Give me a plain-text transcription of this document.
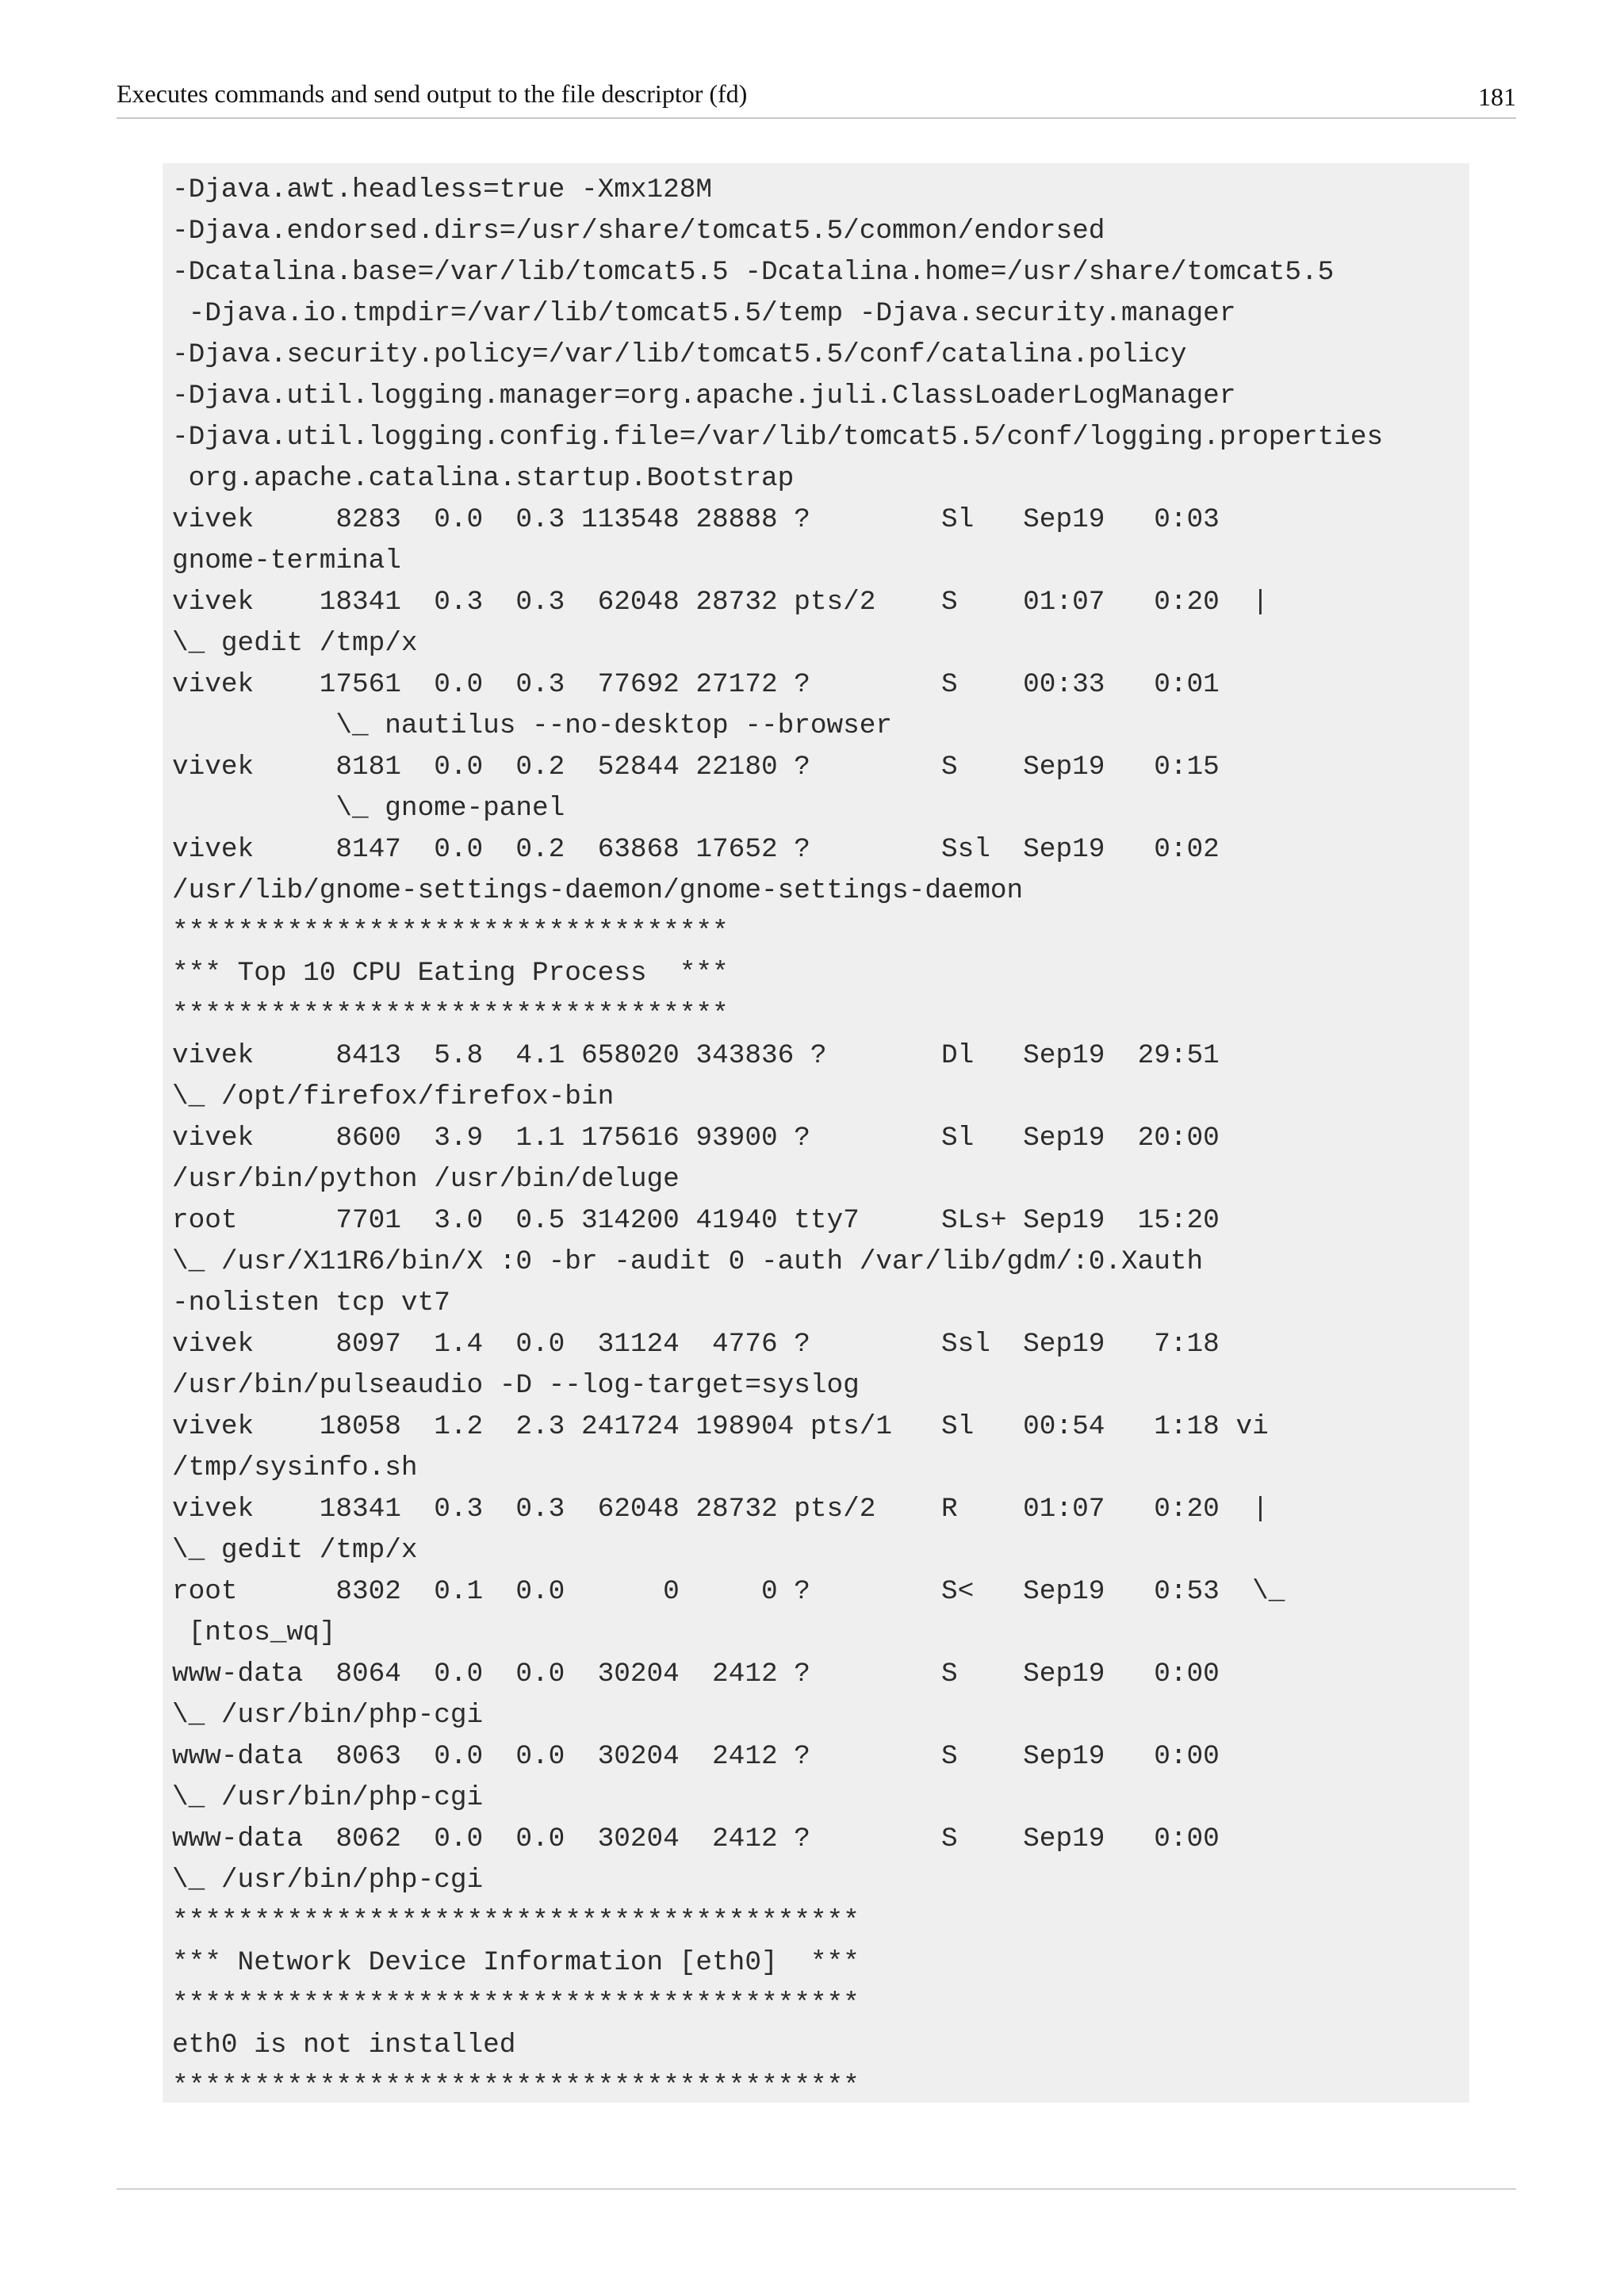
Executes commands and send output to the file descriptor (fd)	181
-Djava.awt.headless=true -Xmx128M
-Djava.endorsed.dirs=/usr/share/tomcat5.5/common/endorsed
-Dcatalina.base=/var/lib/tomcat5.5 -Dcatalina.home=/usr/share/tomcat5.5
-Djava.io.tmpdir=/var/lib/tomcat5.5/temp -Djava.security.manager
-Djava.security.policy=/var/lib/tomcat5.5/conf/catalina.policy
-Djava.util.logging.manager=org.apache.juli.ClassLoaderLogManager
-Djava.util.logging.config.file=/var/lib/tomcat5.5/conf/logging.properties
org.apache.catalina.startup.Bootstrap
vivek     8283  0.0  0.3 113548 28888 ?        Sl   Sep19   0:03
gnome-terminal
vivek    18341  0.3  0.3  62048 28732 pts/2    S    01:07   0:20  |
\_ gedit /tmp/x
vivek    17561  0.0  0.3  77692 27172 ?        S    00:33   0:01
\_ nautilus --no-desktop --browser
vivek     8181  0.0  0.2  52844 22180 ?        S    Sep19   0:15
\_ gnome-panel
vivek     8147  0.0  0.2  63868 17652 ?        Ssl  Sep19   0:02
/usr/lib/gnome-settings-daemon/gnome-settings-daemon
**********************************
*** Top 10 CPU Eating Process  ***
**********************************
vivek     8413  5.8  4.1 658020 343836 ?       Dl   Sep19  29:51
\_ /opt/firefox/firefox-bin
vivek     8600  3.9  1.1 175616 93900 ?        Sl   Sep19  20:00
/usr/bin/python /usr/bin/deluge
root      7701  3.0  0.5 314200 41940 tty7     SLs+ Sep19  15:20
\_ /usr/X11R6/bin/X :0 -br -audit 0 -auth /var/lib/gdm/:0.Xauth
-nolisten tcp vt7
vivek     8097  1.4  0.0  31124  4776 ?        Ssl  Sep19   7:18
/usr/bin/pulseaudio -D --log-target=syslog
vivek    18058  1.2  2.3 241724 198904 pts/1   Sl   00:54   1:18 vi
/tmp/sysinfo.sh
vivek    18341  0.3  0.3  62048 28732 pts/2    R    01:07   0:20  |
\_ gedit /tmp/x
root      8302  0.1  0.0      0     0 ?        S<   Sep19   0:53  \_
[ntos_wq]
www-data  8064  0.0  0.0  30204  2412 ?        S    Sep19   0:00
\_ /usr/bin/php-cgi
www-data  8063  0.0  0.0  30204  2412 ?        S    Sep19   0:00
\_ /usr/bin/php-cgi
www-data  8062  0.0  0.0  30204  2412 ?        S    Sep19   0:00
\_ /usr/bin/php-cgi
******************************************
*** Network Device Information [eth0]  ***
******************************************
eth0 is not installed
******************************************
